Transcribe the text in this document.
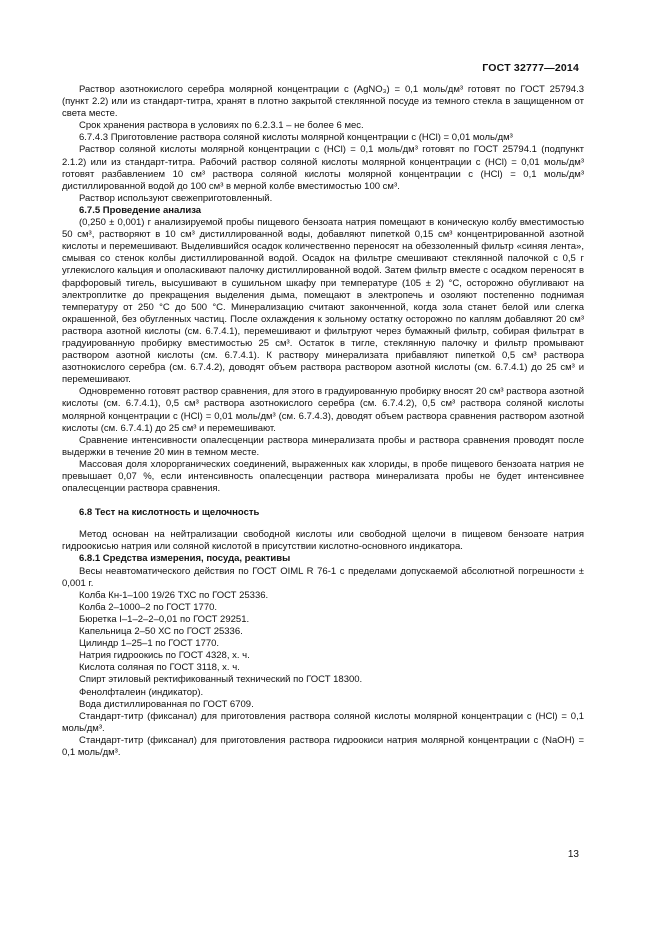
ГОСТ 32777—2014

Раствор азотнокислого серебра молярной концентрации c (AgNO₃) = 0,1 моль/дм³ готовят по ГОСТ 25794.3 (пункт 2.2) или из стандарт-титра, хранят в плотно закрытой стеклянной посуде из темного стекла в защищенном от света месте.

Срок хранения раствора в условиях по 6.2.3.1 – не более 6 мес.

6.7.4.3 Приготовление раствора соляной кислоты молярной концентрации c (HCl) = 0,01 моль/дм³

Раствор соляной кислоты молярной концентрации c (HCl) = 0,1 моль/дм³ готовят по ГОСТ 25794.1 (подпункт 2.1.2) или из стандарт-титра. Рабочий раствор соляной кислоты молярной концентрации c (HCl) = 0,01 моль/дм³ готовят разбавлением 10 см³ раствора соляной кислоты молярной концентрации c (HCl) = 0,1 моль/дм³ дистиллированной водой до 100 см³ в мерной колбе вместимостью 100 см³.

Раствор используют свежеприготовленный.

6.7.5 Проведение анализа

(0,250 ± 0,001) г анализируемой пробы пищевого бензоата натрия помещают в коническую колбу вместимостью 50 см³, растворяют в 10 см³ дистиллированной воды, добавляют пипеткой 0,15 см³ концентрированной азотной кислоты и перемешивают. Выделившийся осадок количественно переносят на обеззоленный фильтр «синяя лента», смывая со стенок колбы дистиллированной водой. Осадок на фильтре смешивают стеклянной палочкой с 0,5 г углекислого кальция и ополаскивают палочку дистиллированной водой. Затем фильтр вместе с осадком переносят в фарфоровый тигель, высушивают в сушильном шкафу при температуре (105 ± 2) °С, осторожно обугливают на электроплитке до прекращения выделения дыма, помещают в электропечь и озоляют постепенно поднимая температуру от 250 °С до 500 °С. Минерализацию считают законченной, когда зола станет белой или слегка окрашенной, без обугленных частиц. После охлаждения к зольному остатку осторожно по каплям добавляют 20 см³ раствора азотной кислоты (см. 6.7.4.1), перемешивают и фильтруют через бумажный фильтр, собирая фильтрат в градуированную пробирку вместимостью 25 см³. Остаток в тигле, стеклянную палочку и фильтр промывают раствором азотной кислоты (см. 6.7.4.1). К раствору минерализата прибавляют пипеткой 0,5 см³ раствора азотнокислого серебра (см. 6.7.4.2), доводят объем раствора раствором азотной кислоты (см. 6.7.4.1) до 25 см³ и перемешивают.

Одновременно готовят раствор сравнения, для этого в градуированную пробирку вносят 20 см³ раствора азотной кислоты (см. 6.7.4.1), 0,5 см³ раствора азотнокислого серебра (см. 6.7.4.2), 0,5 см³ раствора соляной кислоты молярной концентрации c (HCl) = 0,01 моль/дм³ (см. 6.7.4.3), доводят объем раствора сравнения раствором азотной кислоты (см. 6.7.4.1) до 25 см³ и перемешивают.

Сравнение интенсивности опалесценции раствора минерализата пробы и раствора сравнения проводят после выдержки в течение 20 мин в темном месте.

Массовая доля хлорорганических соединений, выраженных как хлориды, в пробе пищевого бензоата натрия не превышает 0,07 %, если интенсивность опалесценции раствора минерализата пробы не будет интенсивнее опалесценции раствора сравнения.

6.8 Тест на кислотность и щелочность

Метод основан на нейтрализации свободной кислоты или свободной щелочи в пищевом бензоате натрия гидроокисью натрия или соляной кислотой в присутствии кислотно-основного индикатора.

6.8.1 Средства измерения, посуда, реактивы

Весы неавтоматического действия по ГОСТ OIML R 76-1 с пределами допускаемой абсолютной погрешности ± 0,001 г.

Колба Кн-1–100 19/26 ТХС по ГОСТ 25336.

Колба 2–1000–2 по ГОСТ 1770.

Бюретка I–1–2–2–0,01 по ГОСТ 29251.

Капельница 2–50 ХС по ГОСТ 25336.

Цилиндр 1–25–1 по ГОСТ 1770.

Натрия гидроокись по ГОСТ 4328, х. ч.

Кислота соляная по ГОСТ 3118, х. ч.

Спирт этиловый ректификованный технический по ГОСТ 18300.

Фенолфталеин (индикатор).

Вода дистиллированная по ГОСТ 6709.

Стандарт-титр (фиксанал) для приготовления раствора соляной кислоты молярной концентрации c (HCl) = 0,1 моль/дм³.

Стандарт-титр (фиксанал) для приготовления раствора гидроокиси натрия молярной концентрации c (NaOH) = 0,1 моль/дм³.

13
